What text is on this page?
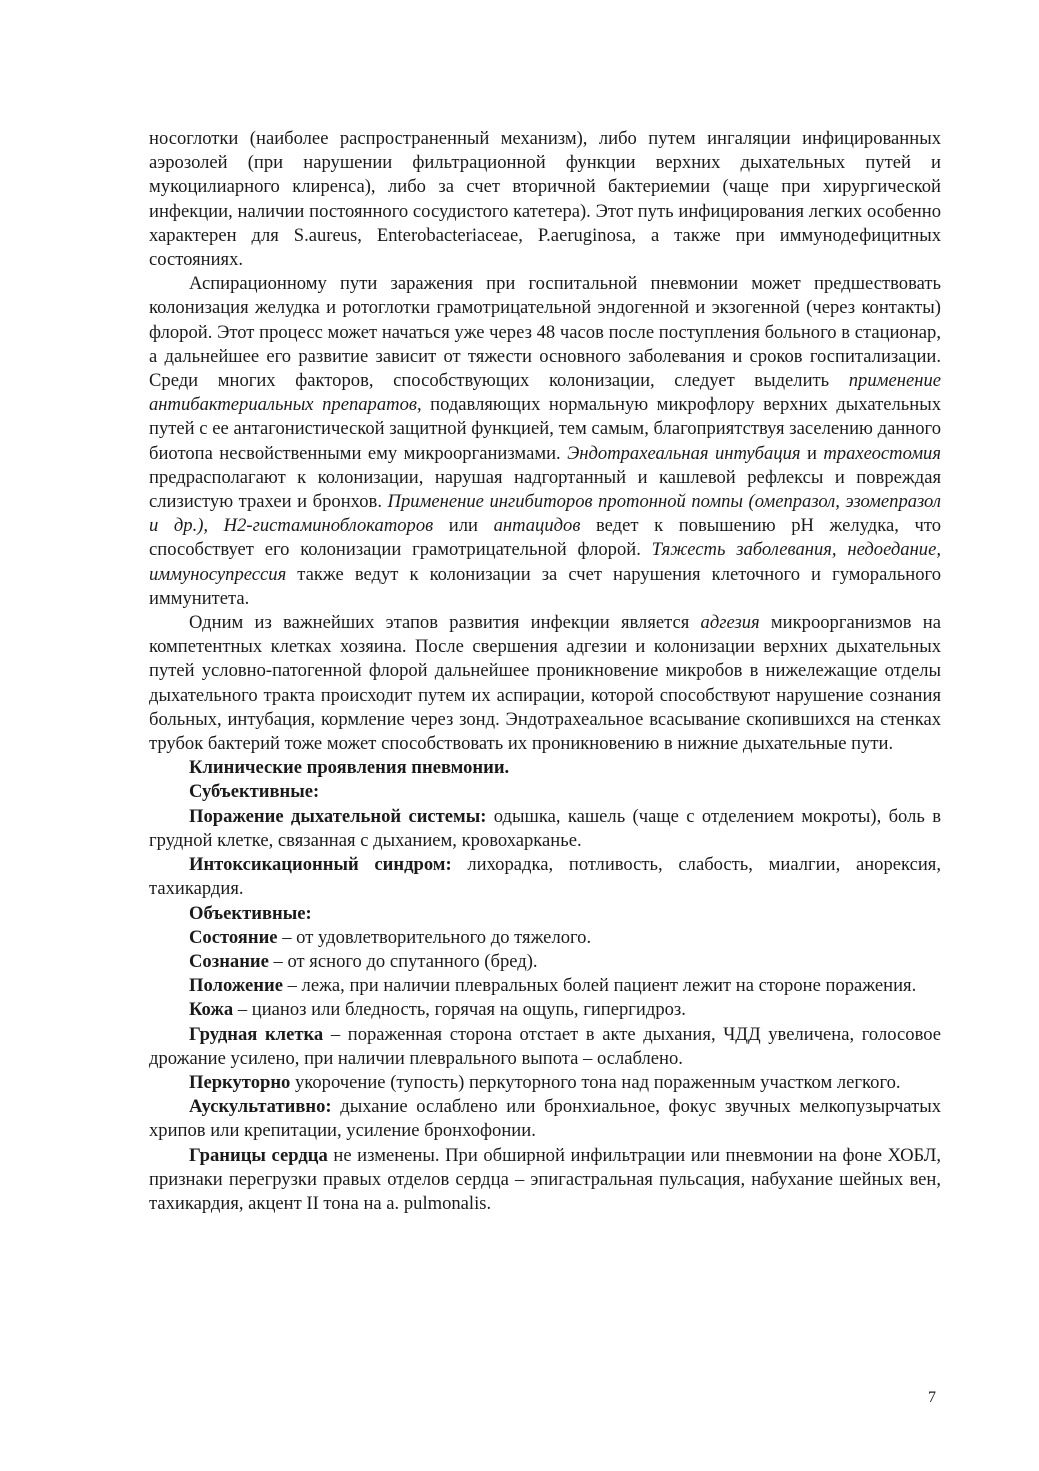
носоглотки (наиболее распространенный механизм), либо путем ингаляции инфицированных аэрозолей (при нарушении фильтрационной функции верхних дыхательных путей и мукоцилиарного клиренса), либо за счет вторичной бактериемии (чаще при хирургической инфекции, наличии постоянного сосудистого катетера). Этот путь инфицирования легких особенно характерен для S.aureus, Enterobacteriaceae, P.aeruginosa, а также при иммунодефицитных состояниях.

Аспирационному пути заражения при госпитальной пневмонии может предшествовать колонизация желудка и ротоглотки грамотрицательной эндогенной и экзогенной (через контакты) флорой. Этот процесс может начаться уже через 48 часов после поступления больного в стационар, а дальнейшее его развитие зависит от тяжести основного заболевания и сроков госпитализации. Среди многих факторов, способствующих колонизации, следует выделить применение антибактериальных препаратов, подавляющих нормальную микрофлору верхних дыхательных путей с ее антагонистической защитной функцией, тем самым, благоприятствуя заселению данного биотопа несвойственными ему микроорганизмами. Эндотрахеальная интубация и трахеостомия предрасполагают к колонизации, нарушая надгортанный и кашлевой рефлексы и повреждая слизистую трахеи и бронхов. Применение ингибиторов протонной помпы (омепразол, эзомепразол и др.), Н2-гистаминоблокаторов или антацидов ведет к повышению pH желудка, что способствует его колонизации грамотрицательной флорой. Тяжесть заболевания, недоедание, иммуносупрессия также ведут к колонизации за счет нарушения клеточного и гуморального иммунитета.

Одним из важнейших этапов развития инфекции является адгезия микроорганизмов на компетентных клетках хозяина. После свершения адгезии и колонизации верхних дыхательных путей условно-патогенной флорой дальнейшее проникновение микробов в нижележащие отделы дыхательного тракта происходит путем их аспирации, которой способствуют нарушение сознания больных, интубация, кормление через зонд. Эндотрахеальное всасывание скопившихся на стенках трубок бактерий тоже может способствовать их проникновению в нижние дыхательные пути.

Клинические проявления пневмонии.

Субъективные:

Поражение дыхательной системы: одышка, кашель (чаще с отделением мокроты), боль в грудной клетке, связанная с дыханием, кровохарканье.

Интоксикационный синдром: лихорадка, потливость, слабость, миалгии, анорексия, тахикардия.

Объективные:

Состояние – от удовлетворительного до тяжелого.

Сознание – от ясного до спутанного (бред).

Положение – лежа, при наличии плевральных болей пациент лежит на стороне поражения.

Кожа – цианоз или бледность, горячая на ощупь, гипергидроз.

Грудная клетка – пораженная сторона отстает в акте дыхания, ЧДД увеличена, голосовое дрожание усилено, при наличии плеврального выпота – ослаблено.

Перкуторно укорочение (тупость) перкуторного тона над пораженным участком легкого.

Аускультативно: дыхание ослаблено или бронхиальное, фокус звучных мелкопузырчатых хрипов или крепитации, усиление бронхофонии.

Границы сердца не изменены. При обширной инфильтрации или пневмонии на фоне ХОБЛ, признаки перегрузки правых отделов сердца – эпигастральная пульсация, набухание шейных вен, тахикардия, акцент II тона на а. pulmonalis.

7
